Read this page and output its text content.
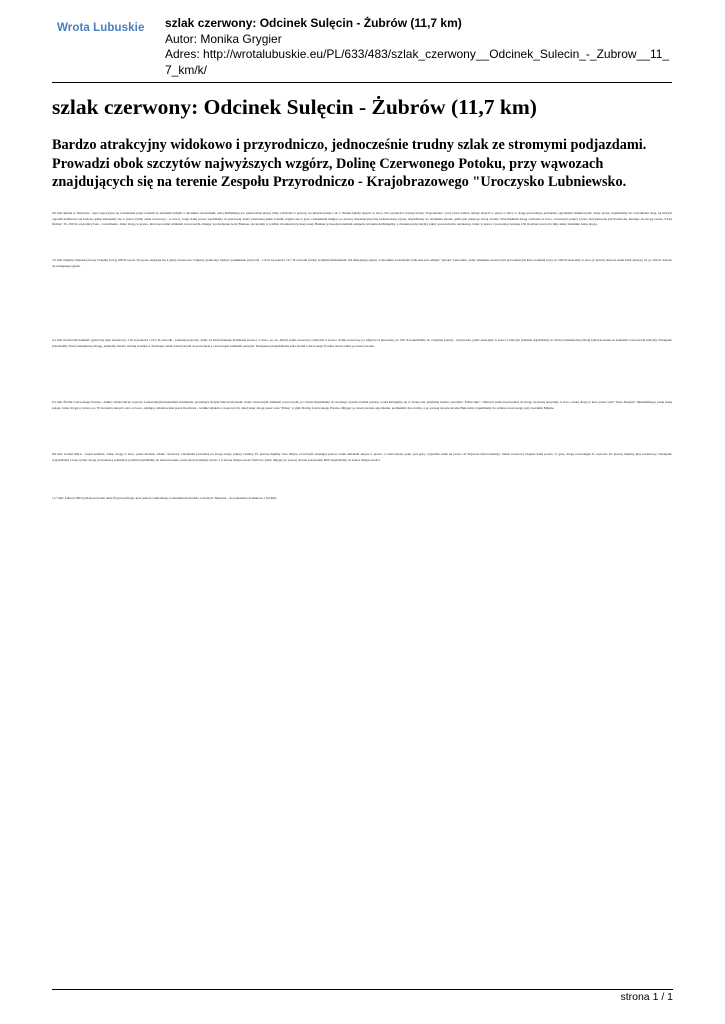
Wrota Lubuskie szlak czerwony: Odcinek Sulęcin - Żubrów (11,7 km)
Autor: Monika Grygier
Adres: http://wrotalubuskie.eu/PL/633/483/szlak_czerwony__Odcinek_Sulecin_-_Zubrow__11_7_km/k/
szlak czerwony: Odcinek Sulęcin - Żubrów (11,7 km)

Bardzo atrakcyjny widokowo i przyrodniczo, jednocześnie trudny szlak ze stromymi podjazdami. Prowadzi obok szczytów najwyższych wzgórz, Dolinę Czerwonego Potoku, przy wąwozach znajdujących się na terenie Zespołu Przyrodniczo - Krajobrazowego "Uroczysko Lubniewsko.

0,0 km: Rynek w Sulęcinie - stąd rozpoczyna się zwiedzanie jadąc traktem ze szlakiem żółtym w kierunku wschodnim, ulicą Kilińskiego (w parku szlak pieszy żółty odchodzi w prawo), na skrzyżowaniu z ul. J. Piaska należy skręcić w lewo. Na wysokości czarnej ściany "Kaponierka", przy placu zabaw, należy skręcić w prawo z ulicy w drogę prowadzącą pomiędzy ogródkami działkowymi. Jadąc prosto dojeżdżamy do rozwidlenia dróg, na którym ogródki działkowe się kończą, gdzie kierujemy się w prawo (żółty szlak rowerowy - w lewo). Jadąc dalej prosto wjeżdżamy do pierwszej strefy zalesionej gdzie ścieżka wspina się w górę i Głuszkiem mijając po prawej charakterystyczną zadrzewioną wyspę, dojeżdżamy do obniżenia terenu, gdzie jest dołek po lewej stronie. Wyrobiskiem drogą odchodzi w lewo, rowerzyści jadący prosto nad jeziorem, już Rozkochą, kierując się drogą zwaną "Lisią Doliną". Po 250 m od granicy lasu - rozwidlenie. Jadąc drogą w prawo, która prowadzi szlakiem rowerowym, mijając pochodzenie Góry Bankau, docieramy w pobliże charakterystycznej sosny Bankau (z nieodpowiednim osłupem, któremu dedykujemy, z charakterystycznym), jakby pozostałością uzyskaną). Jadąc w prawo i pozostając kolejne 150 m szlak rowerowy mija leśny Głusinku leśną drogą.

3,5 km: mijamy Głuszek (zwany Gołębią Górą) 168 m n.p.m. Na górze znajdują się 2 głazy narzutowe: większy graniczny, będący pomnikiem przyrody - 1,8 m wysokości i 9,7 m obwodu zwany Gołębim Kamieniem. Od mniejszego głazu, w kierunku zachodnim widoczna jest odległa "górska" panorama. Jadąc szlakiem rowerowym prowadzącym koło Gołębiej Góry po 500 m skręcamy w lewo (z prawej dołącza szlak żółty pieszy), by po 100 m dotrzeć do następnego głazu.

4,1 km: Królewski Kamień: graniczny głaz narzutowy, 3 m wysokości i 16,5 m obwodu - pomnik przyrody. Jadąc od Królewskiego Kamienia prosto i w lewo, po ok. 400 m szlak rowerowy odchodzi w prawo. Szlak rowerowy po zdjęciu od pierwszej, po 250 m dojeżdżamy do wspólnej polany - krzyżówki, gdzie skręcamy w prawo i babcym rynkiem dojeżdżamy do Starej Głusinieckiej Drogi (skrzyżowanie ze szlakiem rowerowym żółtym). Następnie przecinamy Starą Głusiniecką Drogę, jedziemy bardzo stromą ścieżką w dół mając szlak wśród zarośli do przecięcia z czerwonym szlakiem pieszym. Następnie przejeżdżamy koło źródeł Czerwonego Potoku, które widać po lewej stronie.

6,1 km: Źródła Czerwonego Potoku - dzikie i malownicze wąwozy z naturalnymi kaskadami strumienia, porośnięty starym bukowym lasem. Jadąc czerwonym szlakiem rowerowym, po chwili dojeżdżamy do stromego zjazdu wzdłuż potoku, a stąd kierujemy się w stronę wsi, jedziemy bardzo ostrożnie "Żabie Oko". Wkrótce szlak doprowadza do drogi, na której skręcamy w lewo i dalej drogą w lewo przez wieś "Stare Naszpie" minimalizując jazdę leśną koleją. Jadąc drogą w prawo, po 70 m należy skręcić ostro w lewo, omijając zabudowania przez Rozdroże - wzdłuż szlaków rowerowych i dalej jadąc drogą przez wieś "Polkę" w głąb Doliny Czerwonego Potoku. Mijając po lewej stronie ogrodzenie, podnieśmy dno doliny, a po prawej stronie strome Bukowiny dojeżdżamy do szlaku rowerowego przy Górskim Młynie.

8,6 km: Górski Młyn - węzeł szlaków. Jadąc drogą w lewo, przez mostek, szlaki: czerwony i niebieski prowadzą na drogę strony polnej i dalszy. Po prawej mijamy staw młyna, za którym okrążając jezioro szlak niebieski skręca w prawo, a czerwonym, jadąc pod górę, wyjeżdża szlak na prawo od Wąwozu Żubrowskiego. Szlak rowerowy biegnie dalej prosto, w górę, drogą równoległą do wąwozu. Po prawej mijamy głaz narzutowy. Następnie wyjeżdżamy z lasu i jadąc drogą prowadzącą pomiędzy polami dojeżdżamy do skrzyżowania, przez które jedziemy prosto i w stronę miejscowości Żubrów, gdzie mijając po prawej stronie przystanek PKS dojeżdżamy do końca miejscowości.

11,7 km: Żubrów PKS (szlak prowadzi dalej Źrajową Drogą, koło jeziora Głębokiego w kierunku Postomii i rowem do Sulęcina - do pokonania dodatkowe 13,6 km).

strona 1 / 1
